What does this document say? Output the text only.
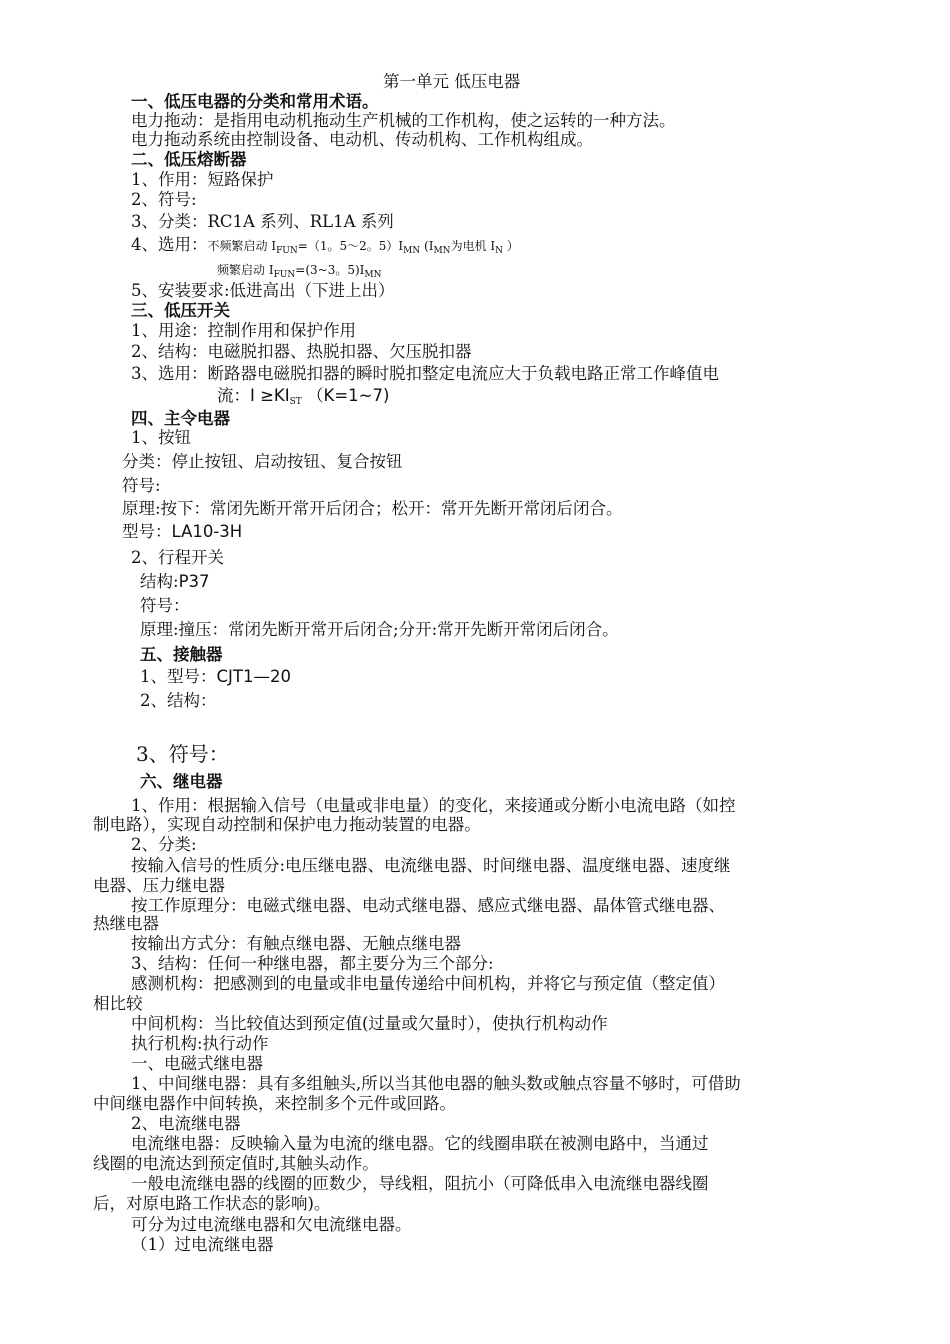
第一单元 低压电器
一、低压电器的分类和常用术语。
电力拖动：是指用电动机拖动生产机械的工作机构，使之运转的一种方法。
电力拖动系统由控制设备、电动机、传动机构、工作机构组成。
二、低压熔断器
1、作用：短路保护
2、符号:
3、分类：RC1A 系列、RL1A 系列
4、选用：不频繁启动 $I_{FUN}=(1$。5～2。$5)I_{MN}$ ($I_{MN}$为电机 $I_N$ ）
频繁启动 $I_{FUN}=(3\sim 3$。$5)I_{MN}$
5、安装要求:低进高出（下进上出）
三、低压开关
1、用途：控制作用和保护作用
2、结构：电磁脱扣器、热脱扣器、欠压脱扣器
3、选用：断路器电磁脱扣器的瞬时脱扣整定电流应大于负载电路正常工作峰值电
流：$I \ge KI_{ST}$ （K=1~7)
四、主令电器
1、按钮
分类：停止按钮、启动按钮、复合按钮
符号:
原理:按下：常闭先断开常开后闭合；松开：常开先断开常闭后闭合。
型号：LA10-3H
2、行程开关
结构:P37
符号：
原理:撞压：常闭先断开常开后闭合;分开:常开先断开常闭后闭合。
五、接触器
1、型号：CJT1—20
2、结构：
3、符号：
六、继电器
1、作用：根据输入信号（电量或非电量）的变化，来接通或分断小电流电路（如控
制电路），实现自动控制和保护电力拖动装置的电器。
2、分类:
按输入信号的性质分:电压继电器、电流继电器、时间继电器、温度继电器、速度继
电器、压力继电器
按工作原理分：电磁式继电器、电动式继电器、感应式继电器、晶体管式继电器、
热继电器
按输出方式分：有触点继电器、无触点继电器
3、结构：任何一种继电器，都主要分为三个部分:
感测机构：把感测到的电量或非电量传递给中间机构，并将它与预定值（整定值）
相比较
中间机构：当比较值达到预定值(过量或欠量时），使执行机构动作
执行机构:执行动作
一、电磁式继电器
1、中间继电器：具有多组触头,所以当其他电器的触头数或触点容量不够时，可借助
中间继电器作中间转换，来控制多个元件或回路。
2、电流继电器
电流继电器：反映输入量为电流的继电器。它的线圈串联在被测电路中，当通过
线圈的电流达到预定值时,其触头动作。
一般电流继电器的线圈的匝数少，导线粗，阻抗小（可降低串入电流继电器线圈
后，对原电路工作状态的影响)。
可分为过电流继电器和欠电流继电器。
（1）过电流继电器
